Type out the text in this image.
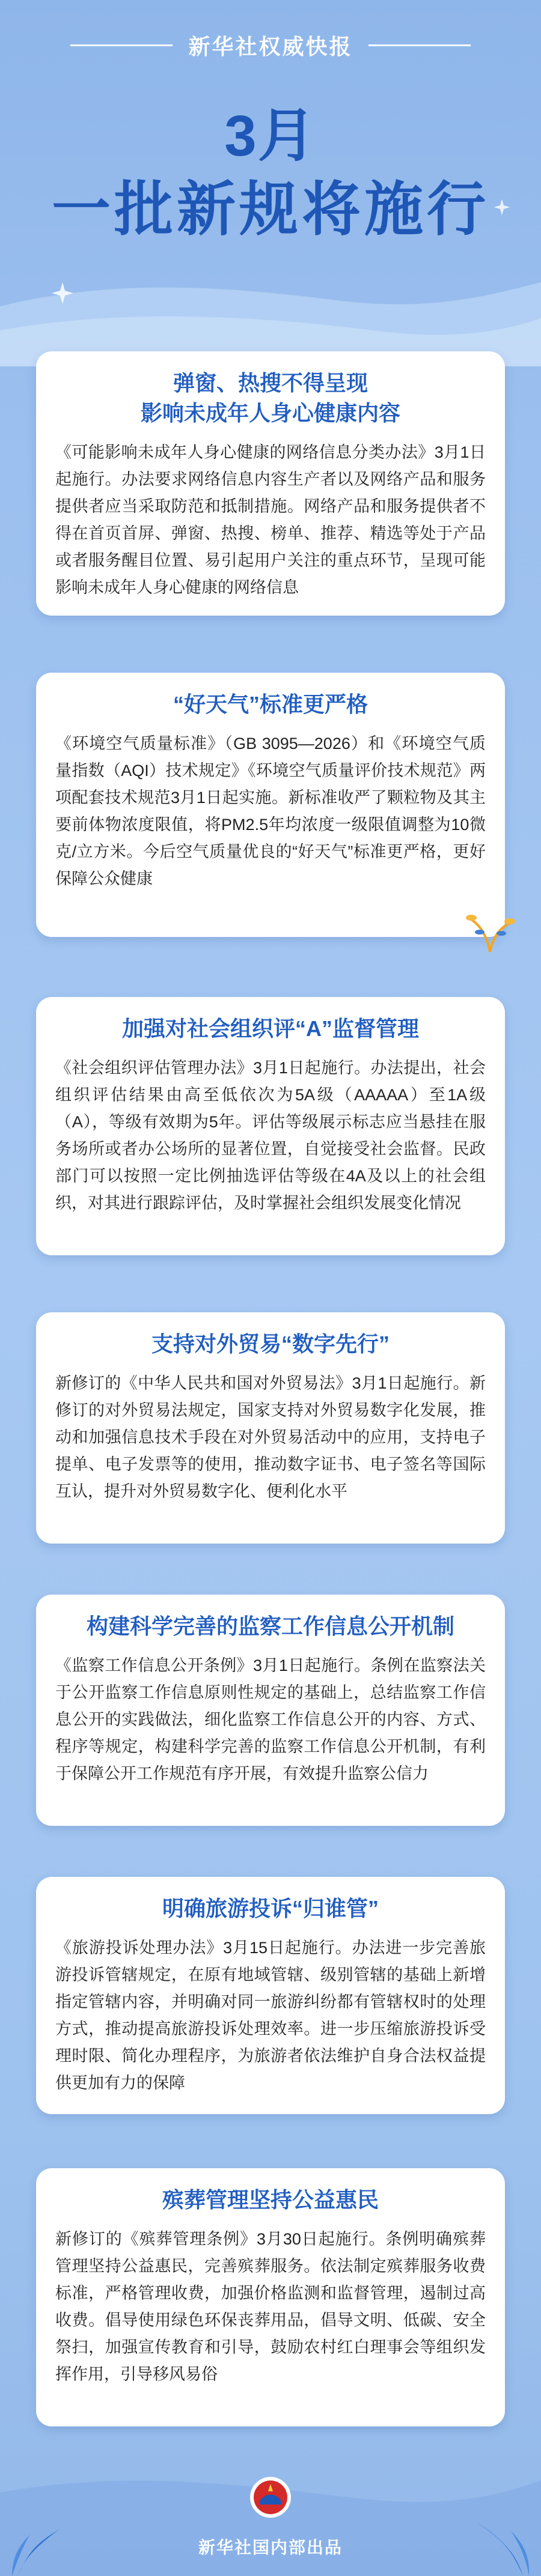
新华社权威快报
3月
一批新规将施行
弹窗、热搜不得呈现
影响未成年人身心健康内容
《可能影响未成年人身心健康的网络信息分类办法》3月1日起施行。办法要求网络信息内容生产者以及网络产品和服务提供者应当采取防范和抵制措施。网络产品和服务提供者不得在首页首屏、弹窗、热搜、榜单、推荐、精选等处于产品或者服务醒目位置、易引起用户关注的重点环节，呈现可能影响未成年人身心健康的网络信息
“好天气”标准更严格
《环境空气质量标准》（GB 3095—2026）和《环境空气质量指数（AQI）技术规定》《环境空气质量评价技术规范》两项配套技术规范3月1日起实施。新标准收严了颗粒物及其主要前体物浓度限值，将PM2.5年均浓度一级限值调整为10微克/立方米。今后空气质量优良的“好天气”标准更严格，更好保障公众健康
加强对社会组织评“A”监督管理
《社会组织评估管理办法》3月1日起施行。办法提出，社会组织评估结果由高至低依次为5A级（AAAAA）至1A级（A），等级有效期为5年。评估等级展示标志应当悬挂在服务场所或者办公场所的显著位置，自觉接受社会监督。民政部门可以按照一定比例抽选评估等级在4A及以上的社会组织，对其进行跟踪评估，及时掌握社会组织发展变化情况
支持对外贸易“数字先行”
新修订的《中华人民共和国对外贸易法》3月1日起施行。新修订的对外贸易法规定，国家支持对外贸易数字化发展，推动和加强信息技术手段在对外贸易活动中的应用，支持电子提单、电子发票等的使用，推动数字证书、电子签名等国际互认，提升对外贸易数字化、便利化水平
构建科学完善的监察工作信息公开机制
《监察工作信息公开条例》3月1日起施行。条例在监察法关于公开监察工作信息原则性规定的基础上，总结监察工作信息公开的实践做法，细化监察工作信息公开的内容、方式、程序等规定，构建科学完善的监察工作信息公开机制，有利于保障公开工作规范有序开展，有效提升监察公信力
明确旅游投诉“归谁管”
《旅游投诉处理办法》3月15日起施行。办法进一步完善旅游投诉管辖规定，在原有地域管辖、级别管辖的基础上新增指定管辖内容，并明确对同一旅游纠纷都有管辖权时的处理方式，推动提高旅游投诉处理效率。进一步压缩旅游投诉受理时限、简化办理程序，为旅游者依法维护自身合法权益提供更加有力的保障
殡葬管理坚持公益惠民
新修订的《殡葬管理条例》3月30日起施行。条例明确殡葬管理坚持公益惠民，完善殡葬服务。依法制定殡葬服务收费标准，严格管理收费，加强价格监测和监督管理，遏制过高收费。倡导使用绿色环保丧葬用品，倡导文明、低碳、安全祭扫，加强宣传教育和引导，鼓励农村红白理事会等组织发挥作用，引导移风易俗
新华社国内部出品
